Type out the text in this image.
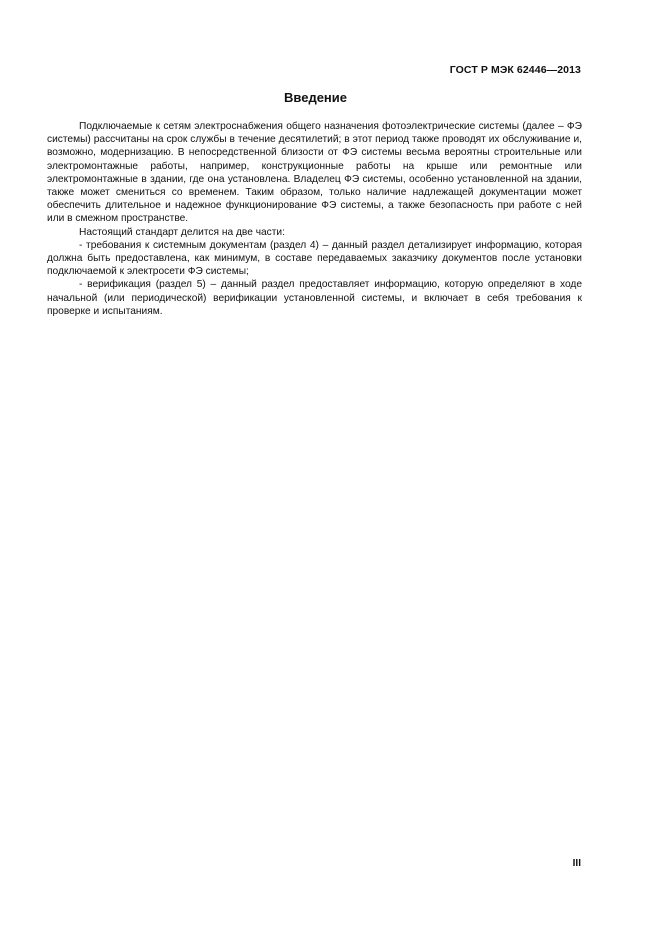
ГОСТ Р МЭК 62446—2013
Введение

Подключаемые к сетям электроснабжения общего назначения фотоэлектрические системы (далее – ФЭ системы) рассчитаны на срок службы в течение десятилетий; в этот период также проводят их обслуживание и, возможно, модернизацию. В непосредственной близости от ФЭ системы весьма вероятны строительные или электромонтажные работы, например, конструкционные работы на крыше или ремонтные или электромонтажные в здании, где она установлена. Владелец ФЭ системы, особенно установленной на здании, также может смениться со временем. Таким образом, только наличие надлежащей документации может обеспечить длительное и надежное функционирование ФЭ системы, а также безопасность при работе с ней или в смежном пространстве.

Настоящий стандарт делится на две части:

- требования к системным документам (раздел 4) – данный раздел детализирует информацию, которая должна быть предоставлена, как минимум, в составе передаваемых заказчику документов после установки подключаемой к электросети ФЭ системы;

- верификация (раздел 5) – данный раздел предоставляет информацию, которую определяют в ходе начальной (или периодической) верификации установленной системы, и включает в себя требования к проверке и испытаниям.

III
